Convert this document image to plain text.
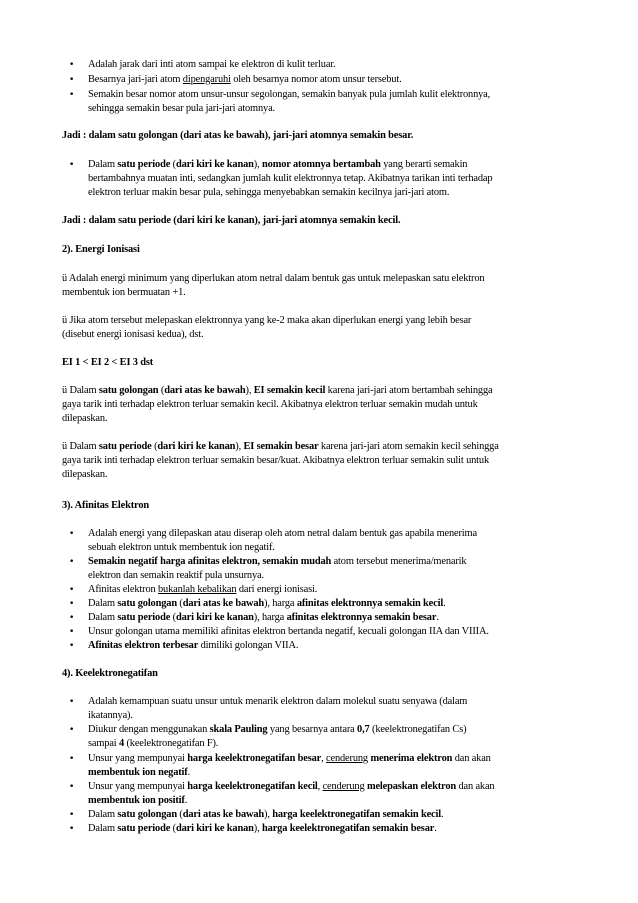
• Adalah jarak dari inti atom sampai ke elektron di kulit terluar.
• Besarnya jari-jari atom dipengaruhi oleh besarnya nomor atom unsur tersebut.
• Semakin besar nomor atom unsur-unsur segolongan, semakin banyak pula jumlah kulit elektronnya,
sehingga semakin besar pula jari-jari atomnya.
Jadi : dalam satu golongan (dari atas ke bawah), jari-jari atomnya semakin besar.
• Dalam satu periode (dari kiri ke kanan), nomor atomnya bertambah yang berarti semakin
bertambahnya muatan inti, sedangkan jumlah kulit elektronnya tetap. Akibatnya tarikan inti terhadap
elektron terluar makin besar pula, sehingga menyebabkan semakin kecilnya jari-jari atom.
Jadi : dalam satu periode (dari kiri ke kanan), jari-jari atomnya semakin kecil.
2). Energi Ionisasi
ü Adalah energi minimum yang diperlukan atom netral dalam bentuk gas untuk melepaskan satu elektron
membentuk ion bermuatan +1.
ü Jika atom tersebut melepaskan elektronnya yang ke-2 maka akan diperlukan energi yang lebih besar
(disebut energi ionisasi kedua), dst.
EI 1 < EI 2 < EI 3 dst
ü Dalam satu golongan (dari atas ke bawah), EI semakin kecil karena jari-jari atom bertambah sehingga
gaya tarik inti terhadap elektron terluar semakin kecil. Akibatnya elektron terluar semakin mudah untuk
dilepaskan.
ü Dalam satu periode (dari kiri ke kanan), EI semakin besar karena jari-jari atom semakin kecil sehingga
gaya tarik inti terhadap elektron terluar semakin besar/kuat. Akibatnya elektron terluar semakin sulit untuk
dilepaskan.
3). Afinitas Elektron
• Adalah energi yang dilepaskan atau diserap oleh atom netral dalam bentuk gas apabila menerima
sebuah elektron untuk membentuk ion negatif.
• Semakin negatif harga afinitas elektron, semakin mudah atom tersebut menerima/menarik
elektron dan semakin reaktif pula unsurnya.
• Afinitas elektron bukanlah kebalikan dari energi ionisasi.
• Dalam satu golongan (dari atas ke bawah), harga afinitas elektronnya semakin kecil.
• Dalam satu periode (dari kiri ke kanan), harga afinitas elektronnya semakin besar.
• Unsur golongan utama memiliki afinitas elektron bertanda negatif, kecuali golongan IIA dan VIIIA.
• Afinitas elektron terbesar dimiliki golongan VIIA.
4). Keelektronegatifan
• Adalah kemampuan suatu unsur untuk menarik elektron dalam molekul suatu senyawa (dalam
ikatannya).
• Diukur dengan menggunakan skala Pauling yang besarnya antara 0,7 (keelektronegatifan Cs)
sampai 4 (keelektronegatifan F).
• Unsur yang mempunyai harga keelektronegatifan besar, cenderung menerima elektron dan akan
membentuk ion negatif.
• Unsur yang mempunyai harga keelektronegatifan kecil, cenderung melepaskan elektron dan akan
membentuk ion positif.
• Dalam satu golongan (dari atas ke bawah), harga keelektronegatifan semakin kecil.
• Dalam satu periode (dari kiri ke kanan), harga keelektronegatifan semakin besar.
